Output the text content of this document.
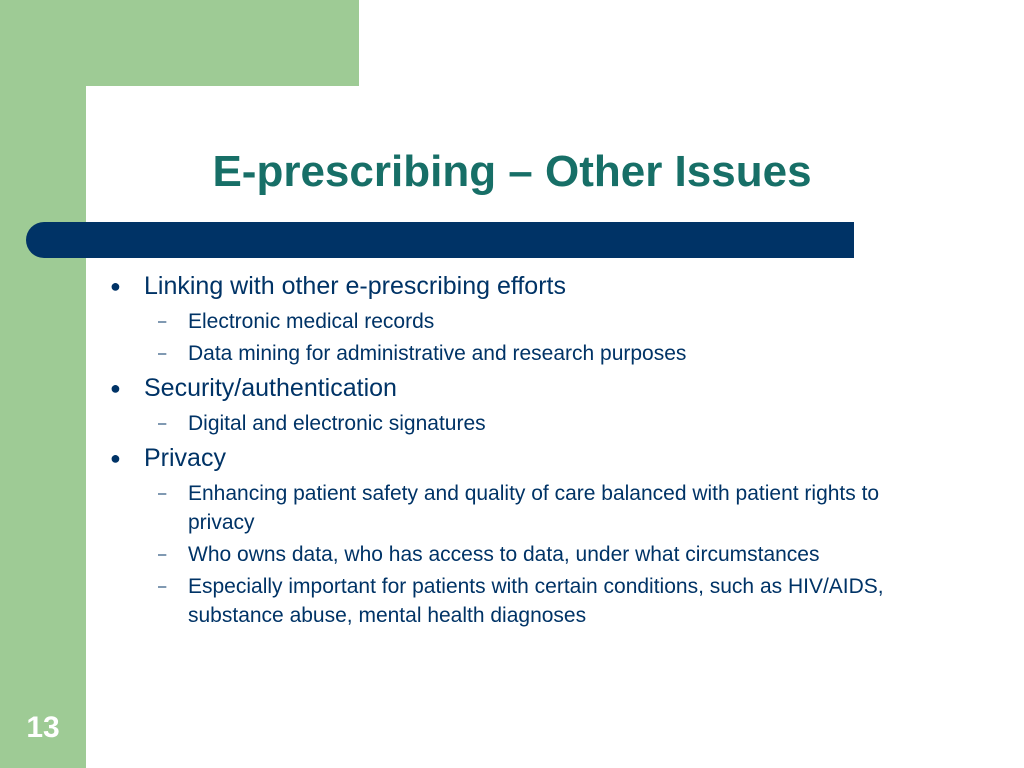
E-prescribing – Other Issues
● Linking with other e-prescribing efforts
– Electronic medical records
– Data mining for administrative and research purposes
● Security/authentication
– Digital and electronic signatures
● Privacy
– Enhancing patient safety and quality of care balanced with patient rights to privacy
– Who owns data, who has access to data, under what circumstances
– Especially important for patients with certain conditions, such as HIV/AIDS, substance abuse, mental health diagnoses
13
